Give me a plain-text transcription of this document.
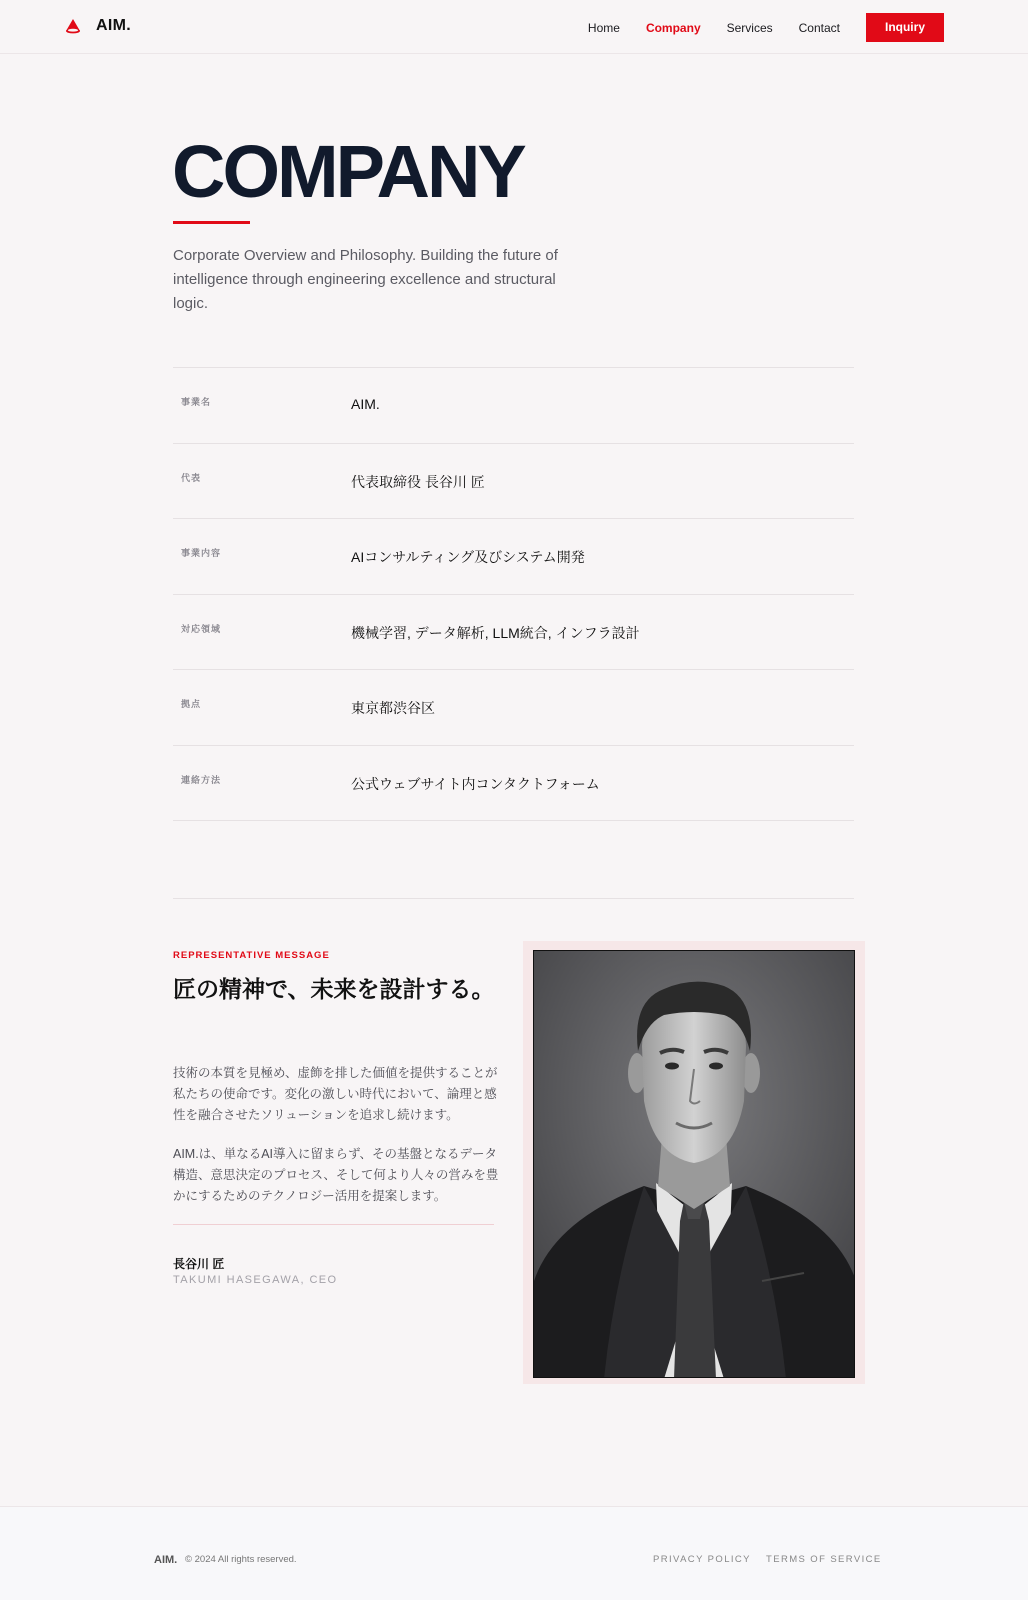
AIM.	Home Company Services Contact	Inquiry
COMPANY

Corporate Overview and Philosophy. Building the future of intelligence through engineering excellence and structural logic.

事業名	AIM.
代表	代表取締役 長谷川 匠
事業内容	AIコンサルティング及びシステム開発
対応領域	機械学習, データ解析, LLM統合, インフラ設計
拠点	東京都渋谷区
連絡方法	公式ウェブサイト内コンタクトフォーム
REPRESENTATIVE MESSAGE
匠の精神で、未来を設計する。

技術の本質を見極め、虚飾を排した価値を提供することが私たちの使命です。変化の激しい時代において、論理と感性を融合させたソリューションを追求し続けます。

AIM.は、単なるAI導入に留まらず、その基盤となるデータ構造、意思決定のプロセス、そして何より人々の営みを豊かにするためのテクノロジー活用を提案します。

長谷川 匠
TAKUMI HASEGAWA, CEO
AIM. © 2024 All rights reserved.	PRIVACY POLICY TERMS OF SERVICE
